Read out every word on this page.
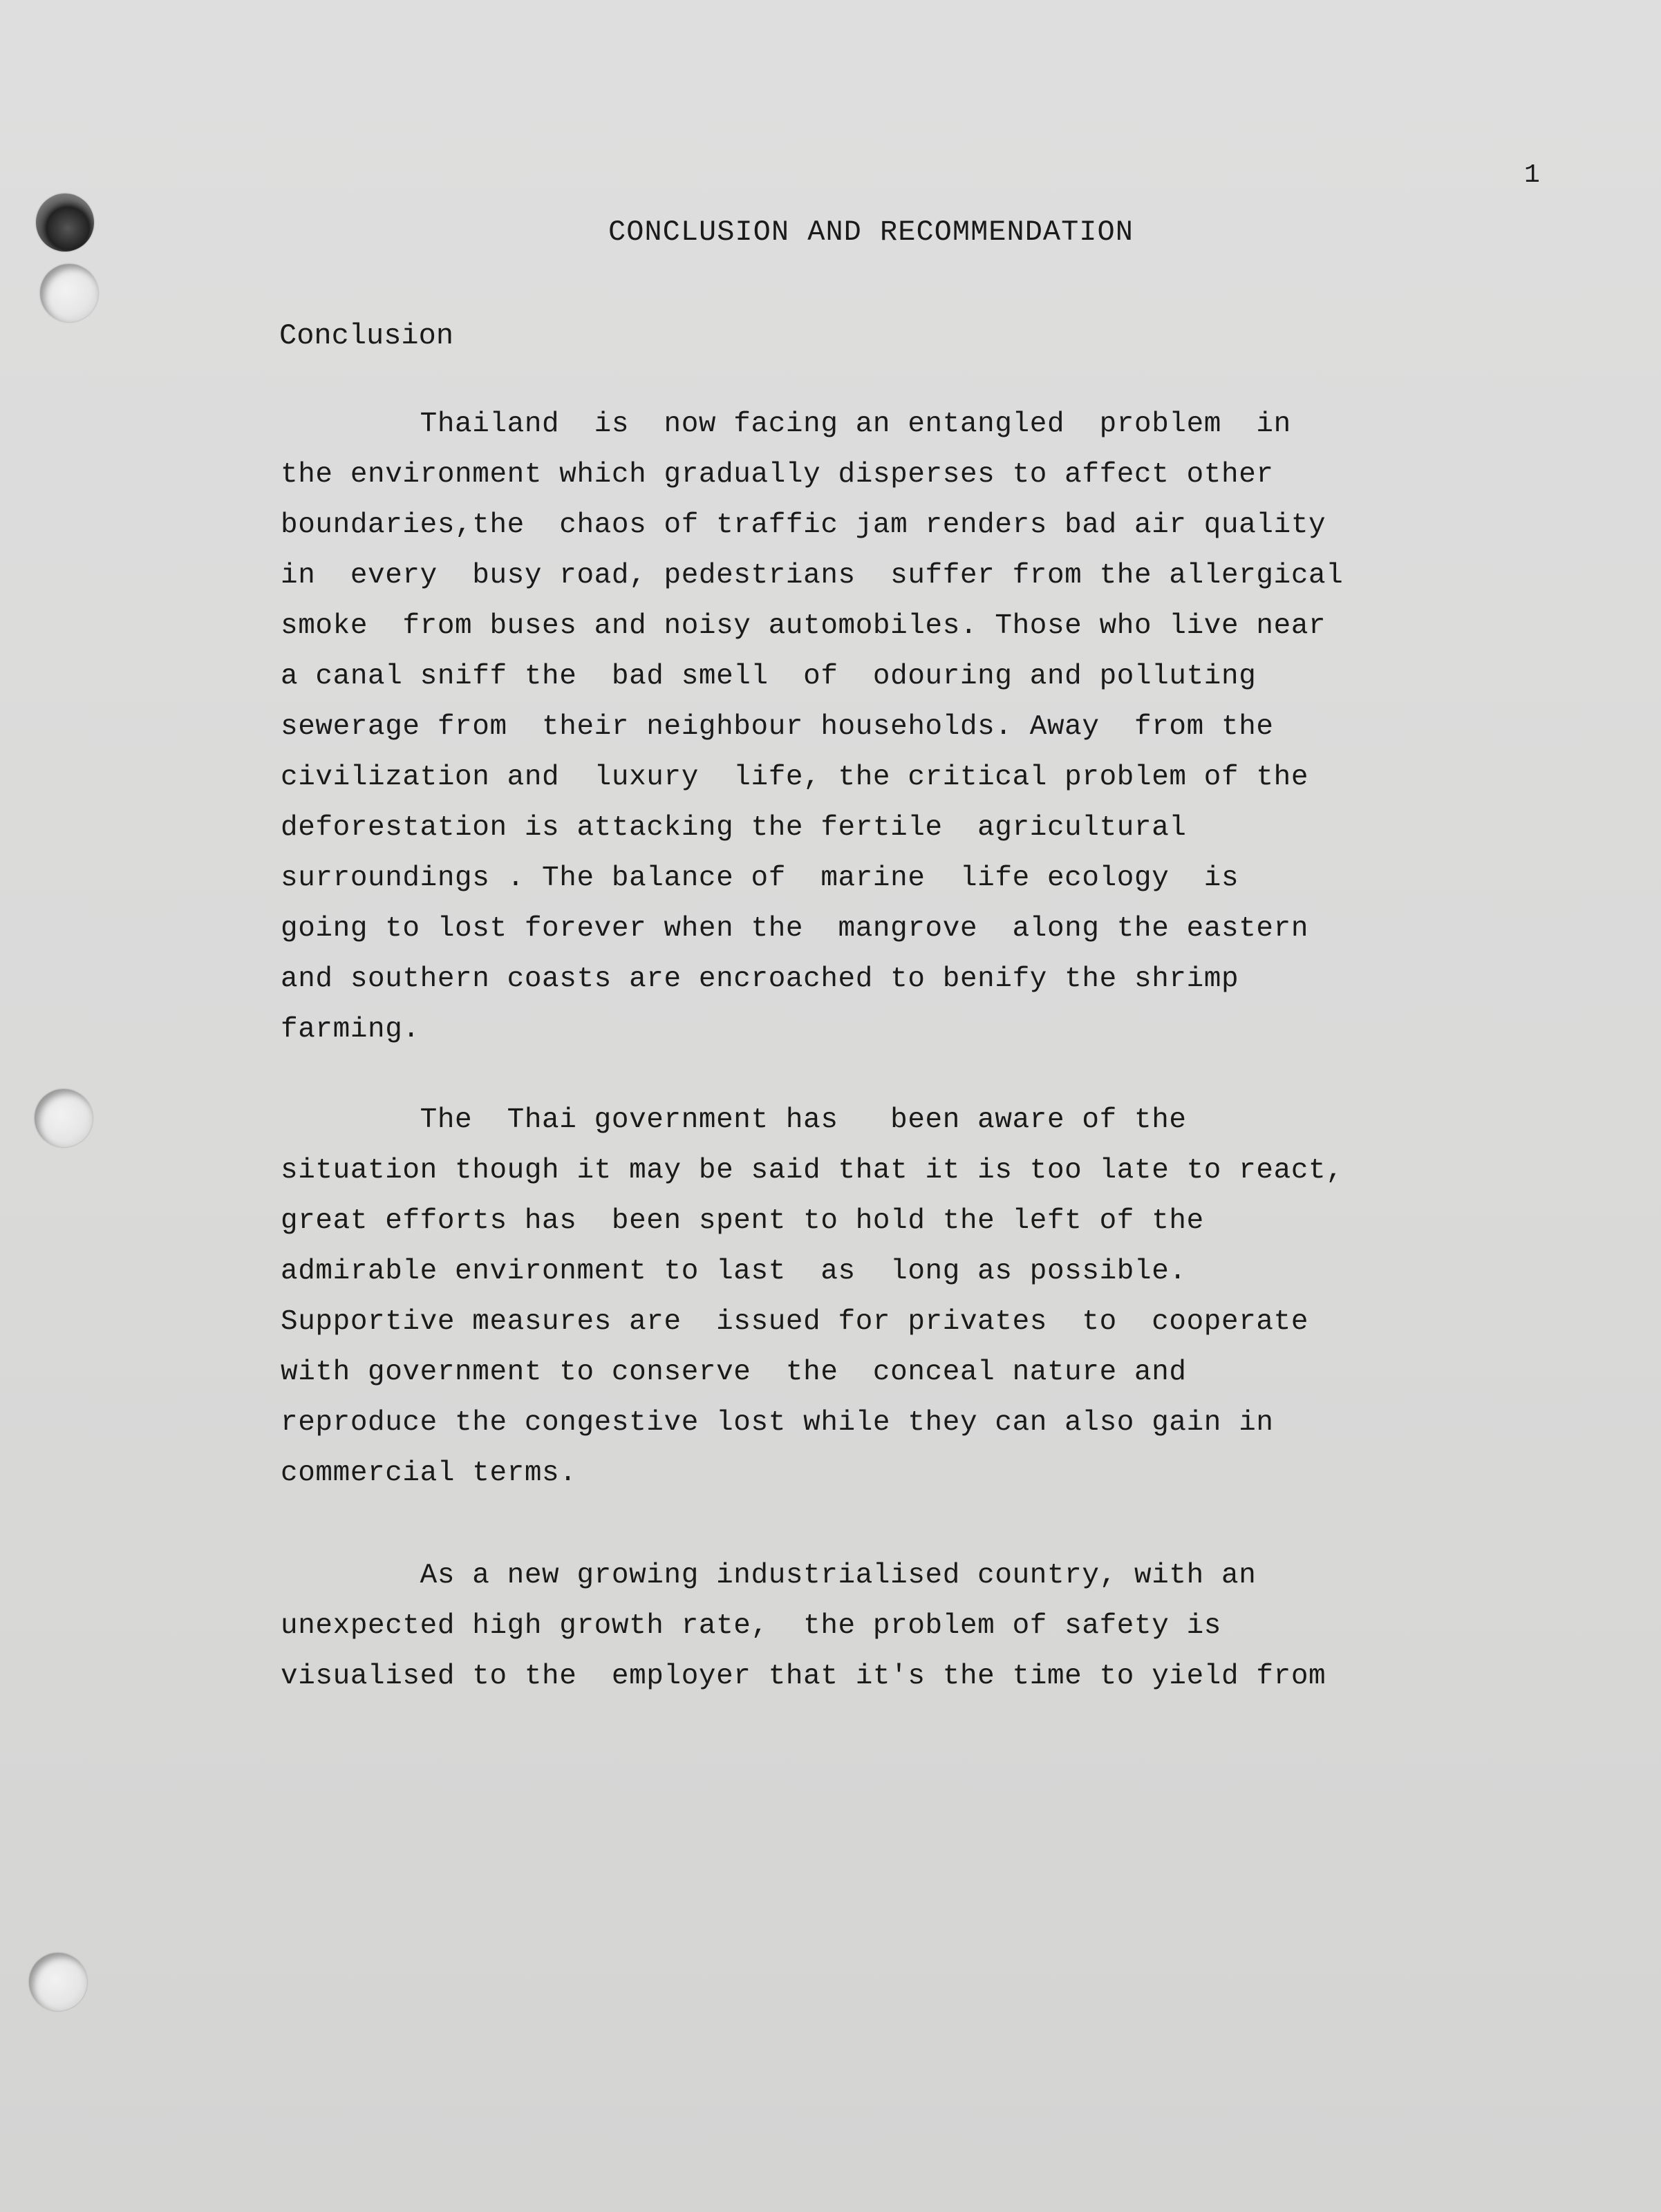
1
CONCLUSION AND RECOMMENDATION
Conclusion
Thailand  is  now facing an entangled  problem  in
the environment which gradually disperses to affect other
boundaries,the  chaos of traffic jam renders bad air quality
in  every  busy road, pedestrians  suffer from the allergical
smoke  from buses and noisy automobiles. Those who live near
a canal sniff the  bad smell  of  odouring and polluting
sewerage from  their neighbour households. Away  from the
civilization and  luxury  life, the critical problem of the
deforestation is attacking the fertile  agricultural
surroundings . The balance of  marine  life ecology  is
going to lost forever when the  mangrove  along the eastern
and southern coasts are encroached to benify the shrimp
farming.
The  Thai government has   been aware of the
situation though it may be said that it is too late to react,
great efforts has  been spent to hold the left of the
admirable environment to last  as  long as possible.
Supportive measures are  issued for privates  to  cooperate
with government to conserve  the  conceal nature and
reproduce the congestive lost while they can also gain in
commercial terms.
As a new growing industrialised country, with an
unexpected high growth rate,  the problem of safety is
visualised to the  employer that it's the time to yield from
